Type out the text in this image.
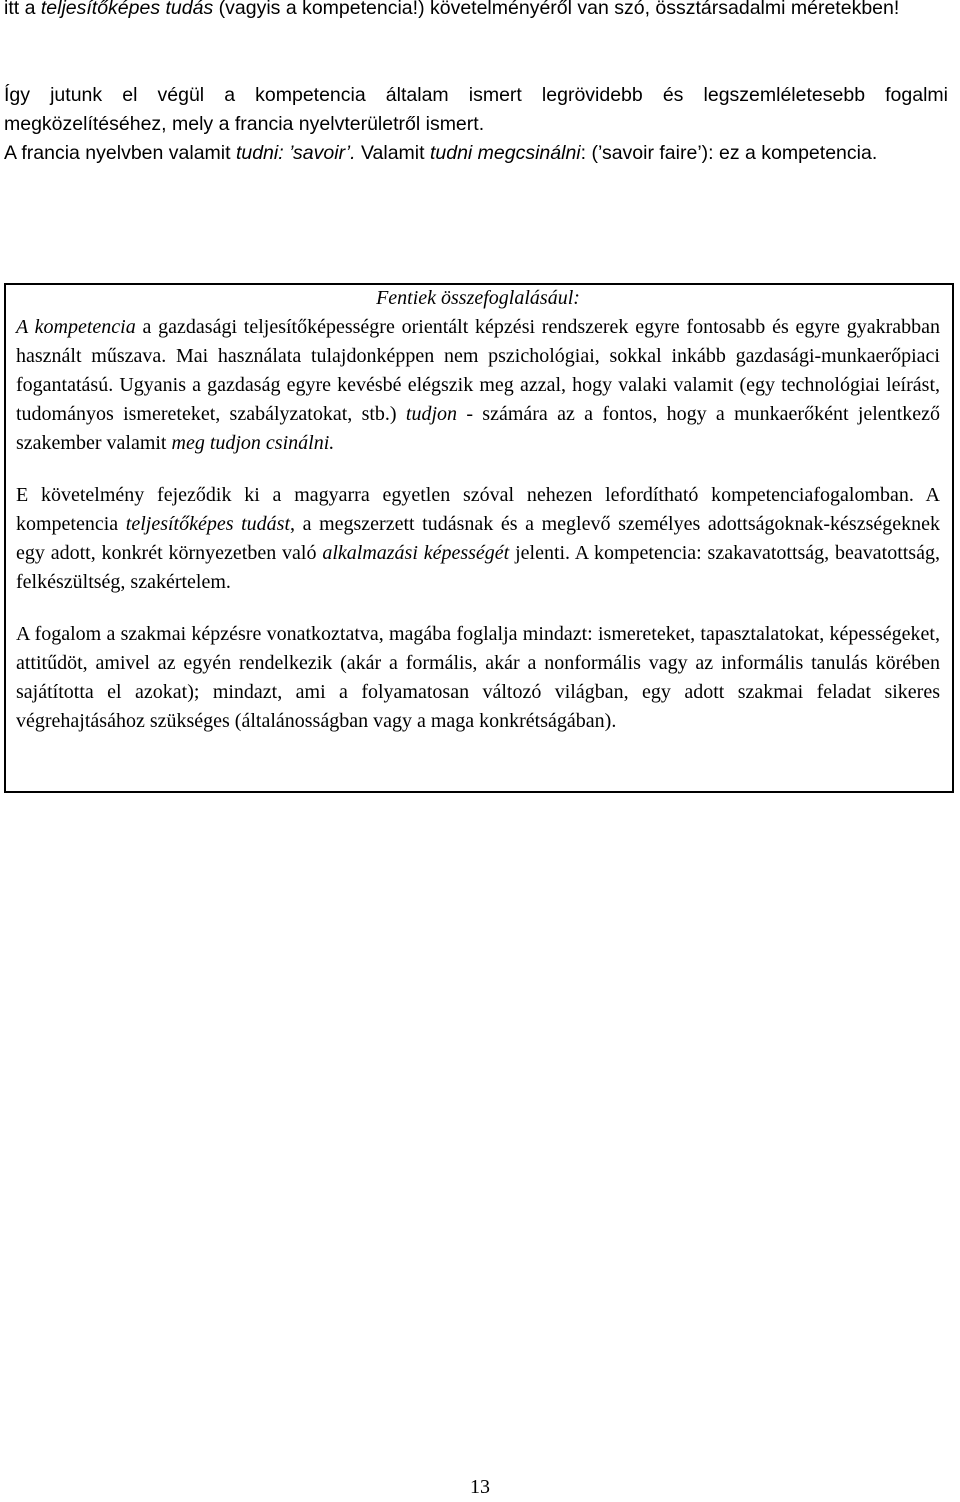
itt a teljesítőképes tudás (vagyis a kompetencia!) követelményéről van szó, össztársadalmi méretekben!

Így jutunk el végül a kompetencia általam ismert legrövidebb és legszemléletesebb fogalmi megközelítéséhez, mely a francia nyelvterületről ismert.
A francia nyelvben valamit tudni: ’savoir’. Valamit tudni megcsinálni: (’savoir faire’): ez a kompetencia.

Fentiek összefoglalásául:

A kompetencia a gazdasági teljesítőképességre orientált képzési rendszerek egyre fontosabb és egyre gyakrabban használt műszava. Mai használata tulajdonképpen nem pszichológiai, sokkal inkább gazdasági-munkaerőpiaci fogantatású. Ugyanis a gazdaság egyre kevésbé elégszik meg azzal, hogy valaki valamit (egy technológiai leírást, tudományos ismereteket, szabályzatokat, stb.) tudjon - számára az a fontos, hogy a munkaerőként jelentkező szakember valamit meg tudjon csinálni.

E követelmény fejeződik ki a magyarra egyetlen szóval nehezen lefordítható kompetenciafogalomban. A kompetencia teljesítőképes tudást, a megszerzett tudásnak és a meglevő személyes adottságoknak-készségeknek egy adott, konkrét környezetben való alkalmazási képességét jelenti. A kompetencia: szakavatottság, beavatottság, felkészültség, szakértelem.

A fogalom a szakmai képzésre vonatkoztatva, magába foglalja mindazt: ismereteket, tapasztalatokat, képességeket, attitűdöt, amivel az egyén rendelkezik (akár a formális, akár a nonformális vagy az informális tanulás körében sajátította el azokat); mindazt, ami a folyamatosan változó világban, egy adott szakmai feladat sikeres végrehajtásához szükséges (általánosságban vagy a maga konkrétságában).

13
